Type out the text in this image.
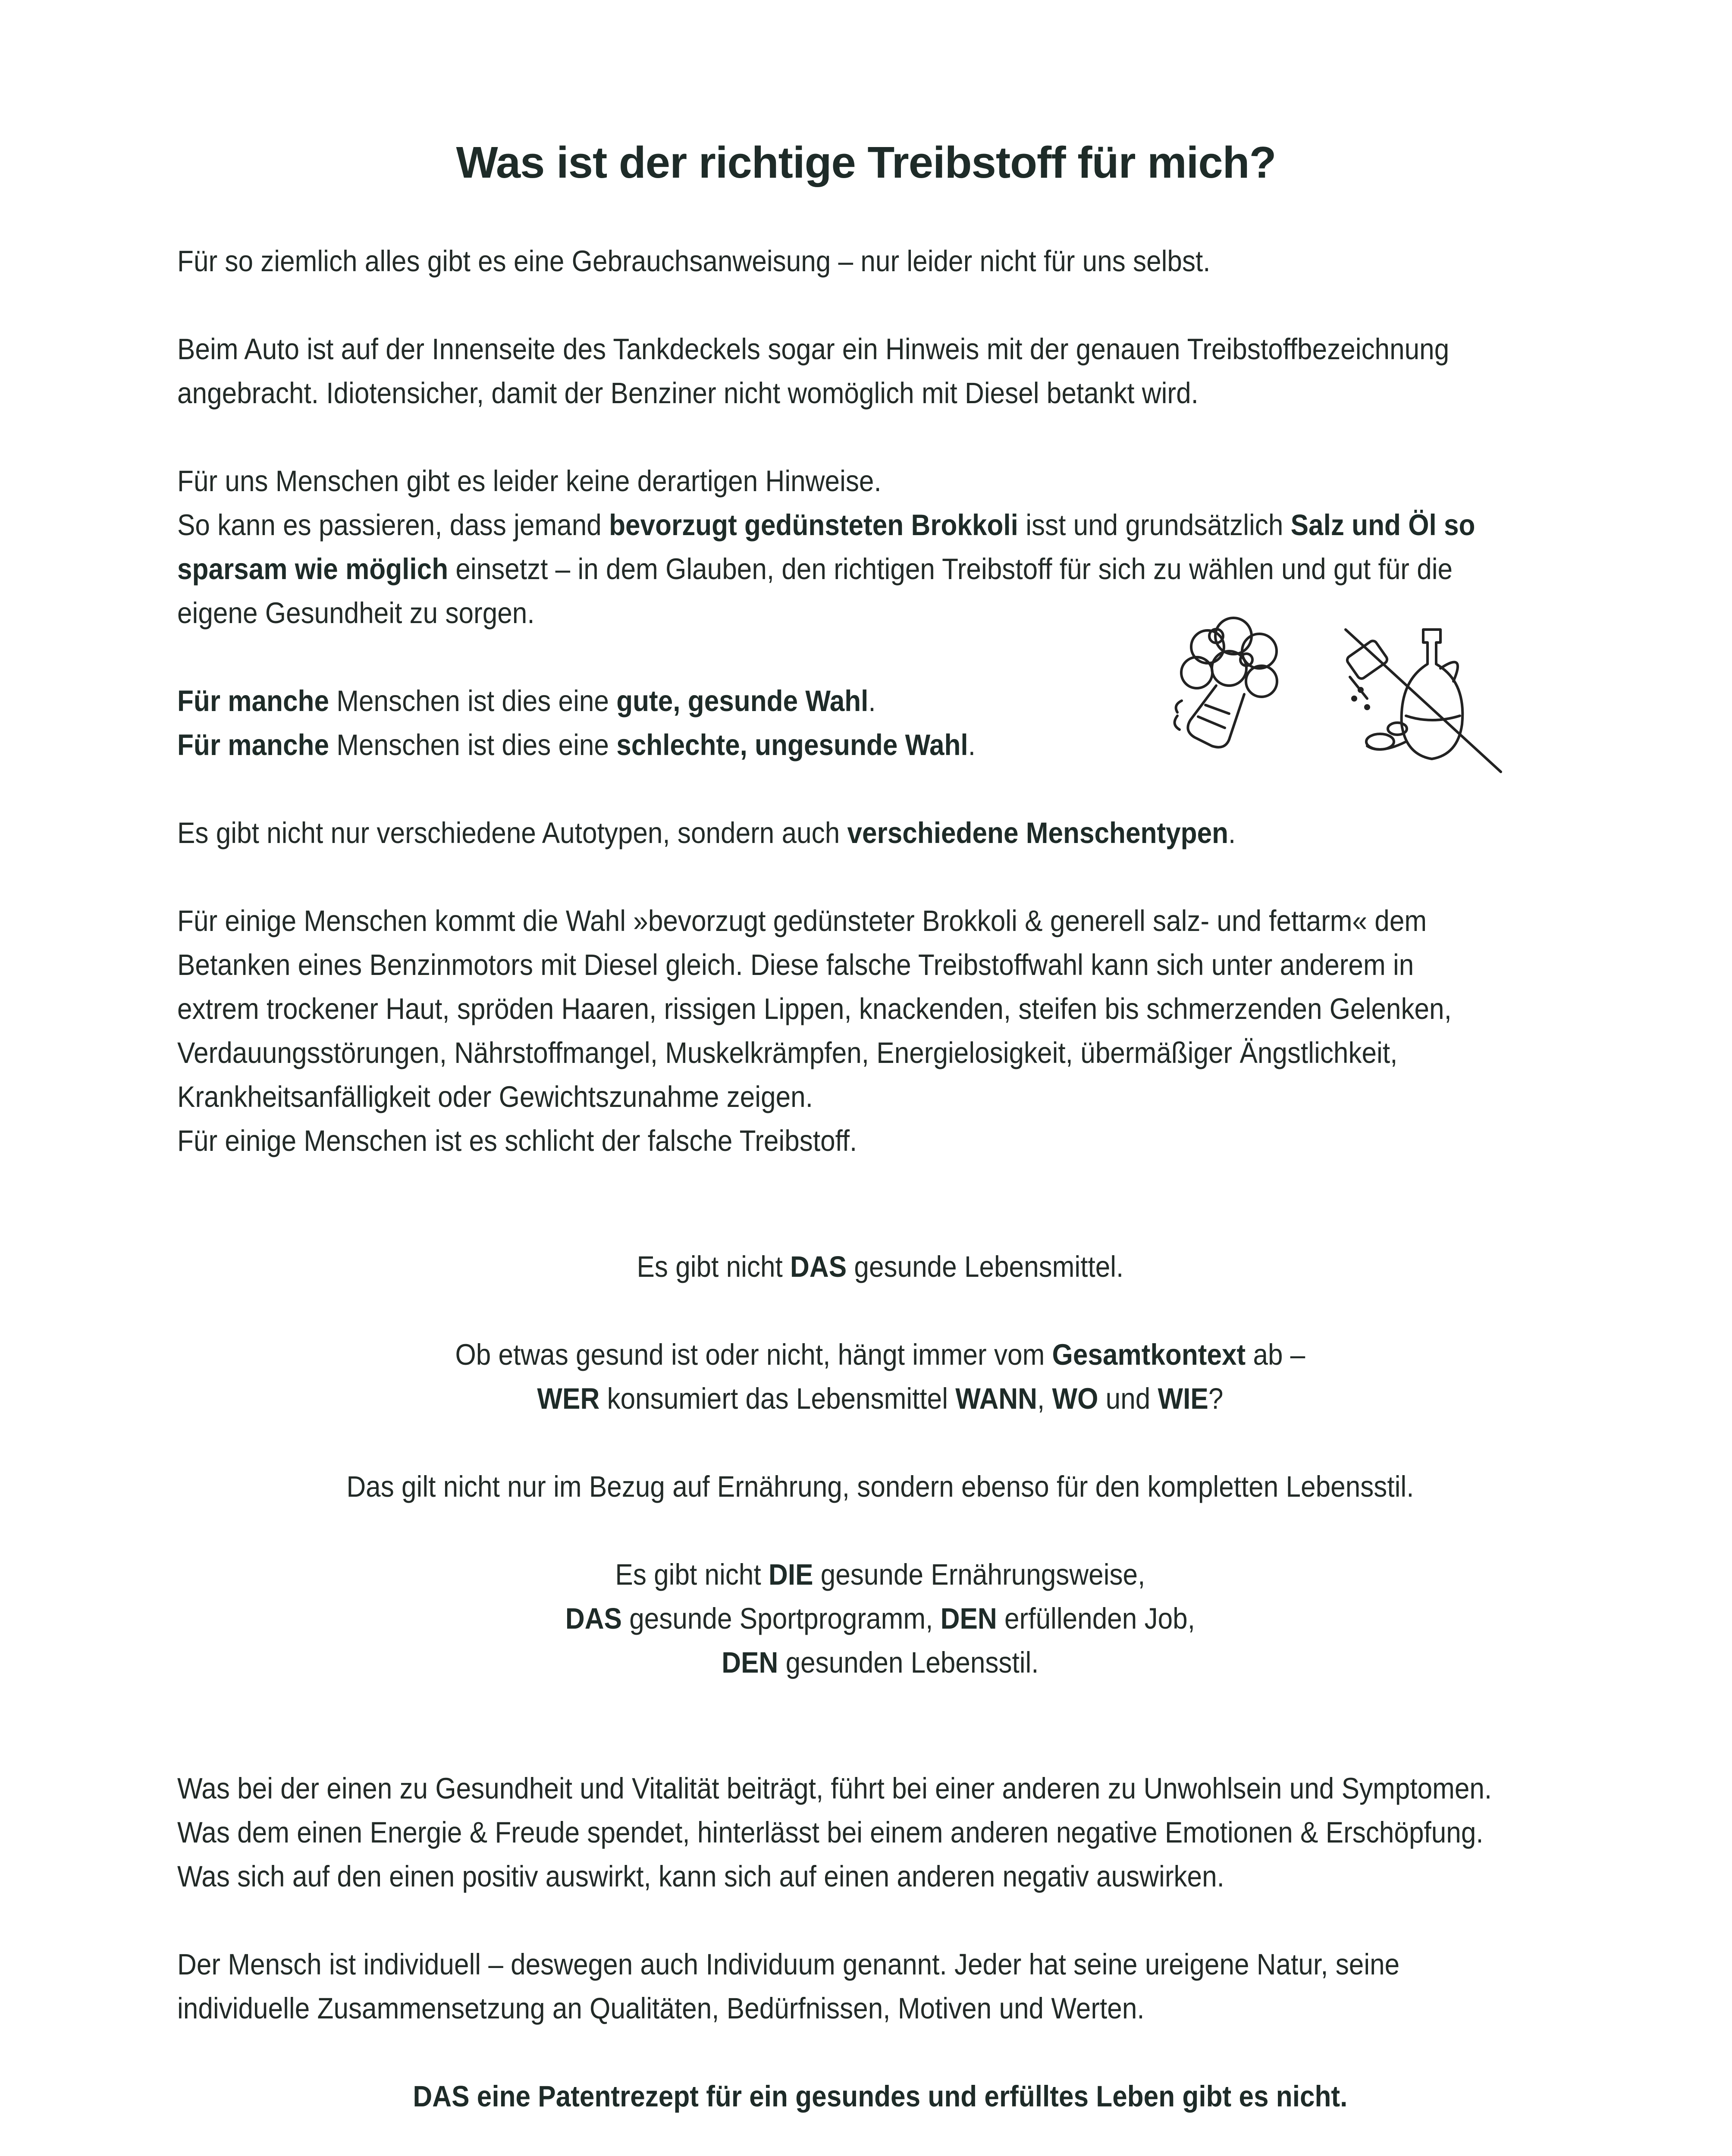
Was ist der richtige Treibstoff für mich?

Für so ziemlich alles gibt es eine Gebrauchsanweisung – nur leider nicht für uns selbst.

Beim Auto ist auf der Innenseite des Tankdeckels sogar ein Hinweis mit der genauen Treibstoffbezeichnung

angebracht. Idiotensicher, damit der Benziner nicht womöglich mit Diesel betankt wird.

Für uns Menschen gibt es leider keine derartigen Hinweise.

So kann es passieren, dass jemand bevorzugt gedünsteten Brokkoli isst und grundsätzlich Salz und Öl so

sparsam wie möglich einsetzt – in dem Glauben, den richtigen Treibstoff für sich zu wählen und gut für die

eigene Gesundheit zu sorgen.

Für manche Menschen ist dies eine gute, gesunde Wahl.

Für manche Menschen ist dies eine schlechte, ungesunde Wahl.

Es gibt nicht nur verschiedene Autotypen, sondern auch verschiedene Menschentypen.

Für einige Menschen kommt die Wahl »bevorzugt gedünsteter Brokkoli & generell salz- und fettarm« dem

Betanken eines Benzinmotors mit Diesel gleich. Diese falsche Treibstoffwahl kann sich unter anderem in

extrem trockener Haut, spröden Haaren, rissigen Lippen, knackenden, steifen bis schmerzenden Gelenken,

Verdauungsstörungen, Nährstoffmangel, Muskelkrämpfen, Energielosigkeit, übermäßiger Ängstlichkeit,

Krankheitsanfälligkeit oder Gewichtszunahme zeigen.

Für einige Menschen ist es schlicht der falsche Treibstoff.

Es gibt nicht DAS gesunde Lebensmittel.

Ob etwas gesund ist oder nicht, hängt immer vom Gesamtkontext ab –

WER konsumiert das Lebensmittel WANN, WO und WIE?

Das gilt nicht nur im Bezug auf Ernährung, sondern ebenso für den kompletten Lebensstil.

Es gibt nicht DIE gesunde Ernährungsweise,

DAS gesunde Sportprogramm, DEN erfüllenden Job,

DEN gesunden Lebensstil.

Was bei der einen zu Gesundheit und Vitalität beiträgt, führt bei einer anderen zu Unwohlsein und Symptomen.

Was dem einen Energie & Freude spendet, hinterlässt bei einem anderen negative Emotionen & Erschöpfung.

Was sich auf den einen positiv auswirkt, kann sich auf einen anderen negativ auswirken.

Der Mensch ist individuell – deswegen auch Individuum genannt. Jeder hat seine ureigene Natur, seine

individuelle Zusammensetzung an Qualitäten, Bedürfnissen, Motiven und Werten.

DAS eine Patentrezept für ein gesundes und erfülltes Leben gibt es nicht.
